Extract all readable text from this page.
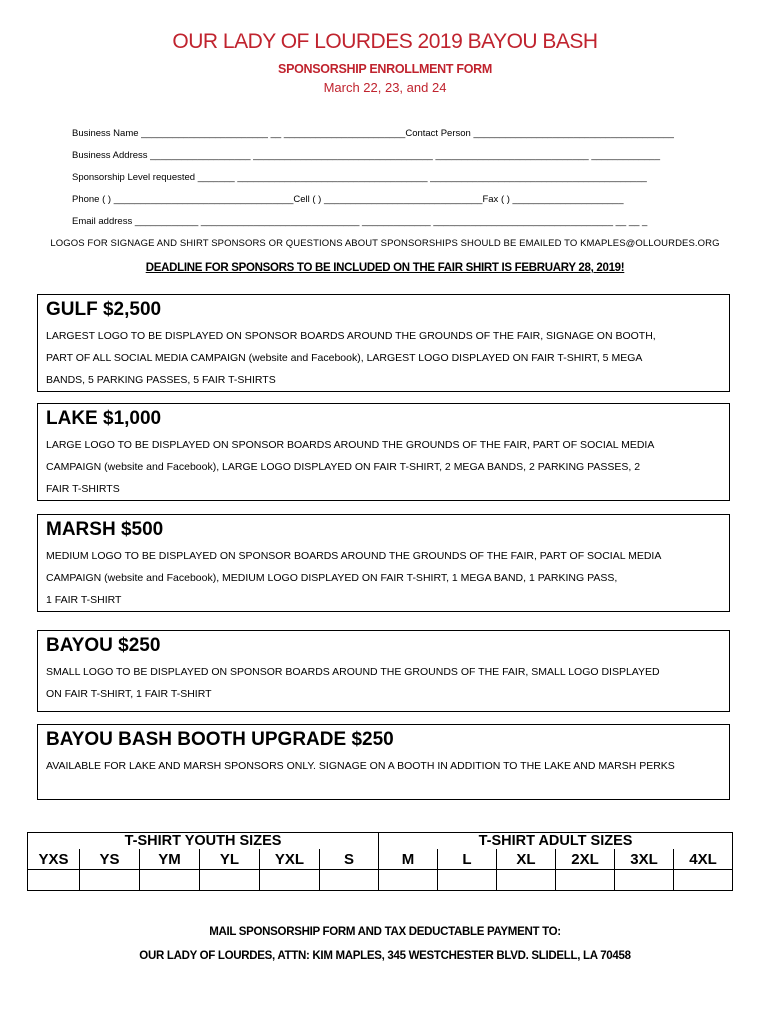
OUR LADY OF LOURDES 2019 BAYOU BASH
SPONSORSHIP ENROLLMENT FORM
March 22, 23, and 24
Business Name ________________________ __ _______________________Contact Person ______________________________________
Business Address ___________________ __________________________________ _____________________________ _____________
Sponsorship Level requested _______ ____________________________________ _________________________________________
Phone ( ) __________________________________Cell ( ) ______________________________Fax ( ) _____________________
Email address ____________ ______________________________ _____________ __________________________________ __ __ _
LOGOS FOR SIGNAGE AND SHIRT SPONSORS OR QUESTIONS ABOUT SPONSORSHIPS SHOULD BE EMAILED TO KMAPLES@OLLOURDES.ORG
DEADLINE FOR SPONSORS TO BE INCLUDED ON THE FAIR SHIRT IS FEBRUARY 28, 2019!
GULF $2,500
LARGEST LOGO TO BE DISPLAYED ON SPONSOR BOARDS AROUND THE GROUNDS OF THE FAIR, SIGNAGE ON BOOTH,
PART OF ALL SOCIAL MEDIA CAMPAIGN (website and Facebook), LARGEST LOGO DISPLAYED ON FAIR T-SHIRT, 5 MEGA
BANDS, 5 PARKING PASSES, 5 FAIR T-SHIRTS
LAKE $1,000
LARGE LOGO TO BE DISPLAYED ON SPONSOR BOARDS AROUND THE GROUNDS OF THE FAIR, PART OF SOCIAL MEDIA
CAMPAIGN (website and Facebook), LARGE LOGO DISPLAYED ON FAIR T-SHIRT, 2 MEGA BANDS, 2 PARKING PASSES, 2
FAIR T-SHIRTS
MARSH $500
MEDIUM LOGO TO BE DISPLAYED ON SPONSOR BOARDS AROUND THE GROUNDS OF THE FAIR, PART OF SOCIAL MEDIA
CAMPAIGN (website and Facebook), MEDIUM LOGO DISPLAYED ON FAIR T-SHIRT, 1 MEGA BAND, 1 PARKING PASS,
1 FAIR T-SHIRT
BAYOU $250
SMALL LOGO TO BE DISPLAYED ON SPONSOR BOARDS AROUND THE GROUNDS OF THE FAIR, SMALL LOGO DISPLAYED
ON FAIR T-SHIRT, 1 FAIR T-SHIRT
BAYOU BASH BOOTH UPGRADE $250
AVAILABLE FOR LAKE AND MARSH SPONSORS ONLY. SIGNAGE ON A BOOTH IN ADDITION TO THE LAKE AND MARSH PERKS
T-SHIRT YOUTH SIZES						T-SHIRT ADULT SIZES					
YXS	YS	YM	YL	YXL	S	M	L	XL	2XL	3XL	4XL

MAIL SPONSORSHIP FORM AND TAX DEDUCTABLE PAYMENT TO:
OUR LADY OF LOURDES, ATTN: KIM MAPLES, 345 WESTCHESTER BLVD. SLIDELL, LA 70458
